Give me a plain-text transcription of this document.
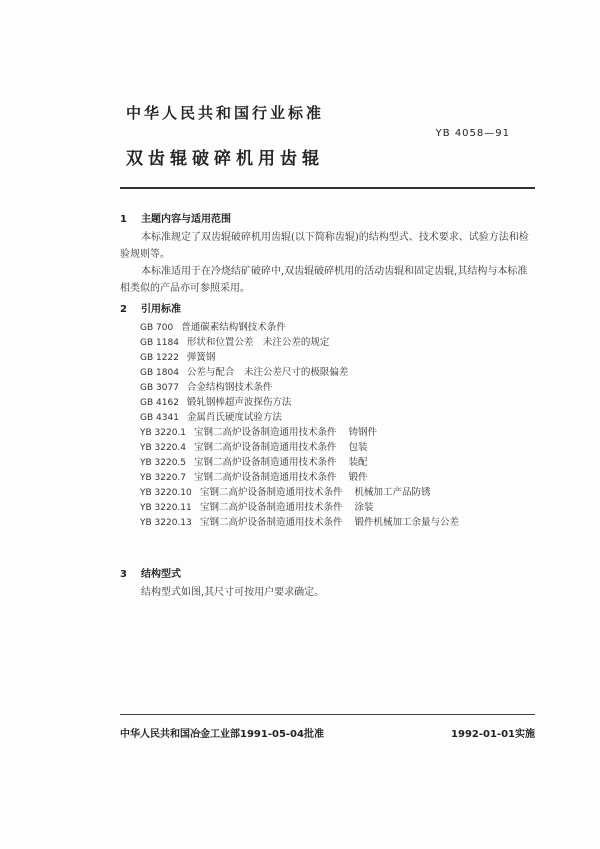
中华人民共和国行业标准
YB 4058—91
双齿辊破碎机用齿辊
1 主题内容与适用范围
本标准规定了双齿辊破碎机用齿辊(以下简称齿辊)的结构型式、技术要求、试验方法和检验规则等。
本标准适用于在冷烧结矿破碎中,双齿辊破碎机用的活动齿辊和固定齿辊,其结构与本标准相类似的产品亦可参照采用。
2 引用标准
GB 700 普通碳素结构钢技术条件
GB 1184 形状和位置公差　未注公差的规定
GB 1222 弹簧钢
GB 1804 公差与配合　未注公差尺寸的极限偏差
GB 3077 合金结构钢技术条件
GB 4162 锻轧钢棒超声波探伤方法
GB 4341 金属肖氏硬度试验方法
YB 3220.1 宝钢二高炉设备制造通用技术条件 铸钢件
YB 3220.4 宝钢二高炉设备制造通用技术条件 包装
YB 3220.5 宝钢二高炉设备制造通用技术条件 装配
YB 3220.7 宝钢二高炉设备制造通用技术条件 锻件
YB 3220.10 宝钢二高炉设备制造通用技术条件 机械加工产品防锈
YB 3220.11 宝钢二高炉设备制造通用技术条件 涂装
YB 3220.13 宝钢二高炉设备制造通用技术条件 锻件机械加工余量与公差
3 结构型式
结构型式如图,其尺寸可按用户要求确定。
中华人民共和国冶金工业部1991-05-04批准	1992-01-01实施
